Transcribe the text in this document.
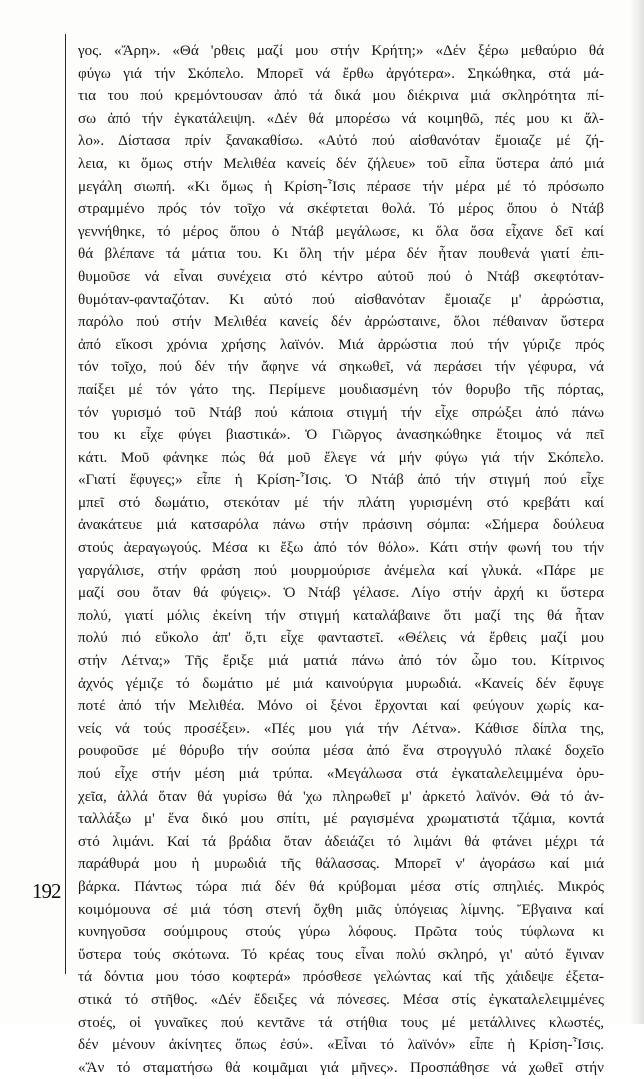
192
γος. «Ἄρη». «Θά 'ρθεις μαζί μου στήν Κρήτη;» «Δέν ξέρω μεθαύριο θά
φύγω γιά τήν Σκόπελο. Μπορεῖ νά ἔρθω ἀργότερα». Σηκώθηκα, στά μά-
τια του πού κρεμόντουσαν ἀπό τά δικά μου διέκρινα μιά σκληρότητα πί-
σω ἀπό τήν ἐγκατάλειψη. «Δέν θά μπορέσω νά κοιμηθῶ, πές μου κι ἄλ-
λο». Δίστασα πρίν ξανακαθίσω. «Αὐτό πού αἰσθανόταν ἔμοιαζε μέ ζή-
λεια, κι ὅμως στήν Μελιθέα κανείς δέν ζήλευε» τοῦ εἶπα ὕστερα ἀπό μιά
μεγάλη σιωπή. «Κι ὅμως ἡ Κρίση-Ἶσις πέρασε τήν μέρα μέ τό πρόσωπο
στραμμένο πρός τόν τοῖχο νά σκέφτεται θολά. Τό μέρος ὅπου ὁ Ντάβ
γεννήθηκε, τό μέρος ὅπου ὁ Ντάβ μεγάλωσε, κι ὅλα ὅσα εἶχανε δεῖ καί
θά βλέπανε τά μάτια του. Κι ὅλη τήν μέρα δέν ἦταν πουθενά γιατί ἐπι-
θυμοῦσε νά εἶναι συνέχεια στό κέντρο αὐτοῦ πού ὁ Ντάβ σκεφτόταν-
θυμόταν-φανταζόταν. Κι αὐτό πού αἰσθανόταν ἔμοιαζε μ' ἀρρώστια,
παρόλο πού στήν Μελιθέα κανείς δέν ἀρρώσταινε, ὅλοι πέθαιναν ὕστερα
ἀπό εἴκοσι χρόνια χρήσης λαϊνόν. Μιά ἀρρώστια πού τήν γύριζε πρός
τόν τοῖχο, πού δέν τήν ἄφηνε νά σηκωθεῖ, νά περάσει τήν γέφυρα, νά
παίξει μέ τόν γάτο της. Περίμενε μουδιασμένη τόν θορυβο τῆς πόρτας,
τόν γυρισμό τοῦ Ντάβ πού κάποια στιγμή τήν εἶχε σπρώξει ἀπό πάνω
του κι εἶχε φύγει βιαστικά». Ὁ Γιῶργος ἀνασηκώθηκε ἕτοιμος νά πεῖ
κάτι. Μοῦ φάνηκε πώς θά μοῦ ἔλεγε νά μήν φύγω γιά τήν Σκόπελο.
«Γιατί ἔφυγες;» εἶπε ἡ Κρίση-Ἶσις. Ὁ Ντάβ ἀπό τήν στιγμή πού εἶχε
μπεῖ στό δωμάτιο, στεκόταν μέ τήν πλάτη γυρισμένη στό κρεβάτι καί
ἀνακάτευε μιά κατσαρόλα πάνω στήν πράσινη σόμπα: «Σήμερα δούλευα
στούς ἀεραγωγούς. Μέσα κι ἔξω ἀπό τόν θόλο». Κάτι στήν φωνή του τήν
γαργάλισε, στήν φράση πού μουρμούρισε ἀνέμελα καί γλυκά. «Πάρε με
μαζί σου ὅταν θά φύγεις». Ὁ Ντάβ γέλασε. Λίγο στήν ἀρχή κι ὕστερα
πολύ, γιατί μόλις ἐκείνη τήν στιγμή καταλάβαινε ὅτι μαζί της θά ἦταν
πολύ πιό εὔκολο ἀπ' ὅ,τι εἶχε φανταστεῖ. «Θέλεις νά ἔρθεις μαζί μου
στήν Λέτνα;» Τῆς ἔριξε μιά ματιά πάνω ἀπό τόν ὦμο του. Κίτρινος
ἀχνός γέμιζε τό δωμάτιο μέ μιά καινούργια μυρωδιά. «Κανείς δέν ἔφυγε
ποτέ ἀπό τήν Μελιθέα. Μόνο οἱ ξένοι ἔρχονται καί φεύγουν χωρίς κα-
νείς νά τούς προσέξει». «Πές μου γιά τήν Λέτνα». Κάθισε δίπλα της,
ρουφοῦσε μέ θόρυβο τήν σούπα μέσα ἀπό ἕνα στρογγυλό πλακέ δοχεῖο
πού εἶχε στήν μέση μιά τρύπα. «Μεγάλωσα στά ἐγκαταλελειμμένα ὀρυ-
χεῖα, ἀλλά ὅταν θά γυρίσω θά 'χω πληρωθεῖ μ' ἀρκετό λαϊνόν. Θά τό ἀν-
ταλλάξω μ' ἕνα δικό μου σπίτι, μέ ραγισμένα χρωματιστά τζάμια, κοντά
στό λιμάνι. Καί τά βράδια ὅταν ἀδειάζει τό λιμάνι θά φτάνει μέχρι τά
παράθυρά μου ἡ μυρωδιά τῆς θάλασσας. Μπορεῖ ν' ἀγοράσω καί μιά
βάρκα. Πάντως τώρα πιά δέν θά κρύβομαι μέσα στίς σπηλιές. Μικρός
κοιμόμουνα σέ μιά τόση στενή ὄχθη μιᾶς ὑπόγειας λίμνης. Ἔβγαινα καί
κυνηγοῦσα σούμιρους στούς γύρω λόφους. Πρῶτα τούς τύφλωνα κι
ὕστερα τούς σκότωνα. Τό κρέας τους εἶναι πολύ σκληρό, γι' αὐτό ἔγιναν
τά δόντια μου τόσο κοφτερά» πρόσθεσε γελώντας καί τῆς χάιδεψε ἐξετα-
στικά τό στῆθος. «Δέν ἔδειξες νά πόνεσες. Μέσα στίς ἐγκαταλελειμμένες
στοές, οἱ γυναῖκες πού κεντᾶνε τά στήθια τους μέ μετάλλινες κλωστές,
δέν μένουν ἀκίνητες ὅπως ἐσύ». «Εἶναι τό λαϊνόν» εἶπε ἡ Κρίση-Ἶσις.
«Ἄν τό σταματήσω θά κοιμᾶμαι γιά μῆνες». Προσπάθησε νά χωθεῖ στήν
